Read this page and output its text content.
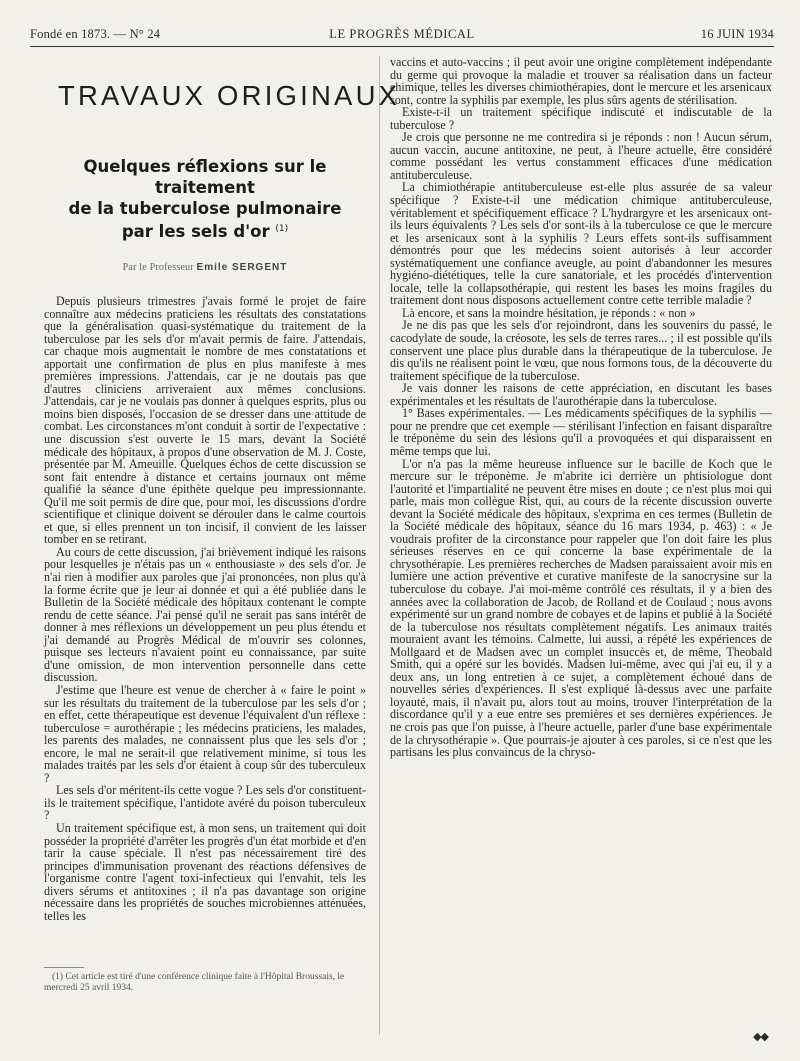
Fondé en 1873. — N° 24	LE PROGRÈS MÉDICAL	16 JUIN 1934
TRAVAUX ORIGINAUX
Quelques réflexions sur le traitement
de la tuberculose pulmonaire
par les sels d'or $^{(1)}$
Par le Professeur Emile SERGENT

Depuis plusieurs trimestres j'avais formé le projet de faire connaître aux médecins praticiens les résultats des constatations que la généralisation quasi-systématique du traitement de la tuberculose par les sels d'or m'avait permis de faire. J'attendais, car chaque mois augmentait le nombre de mes constatations et apportait une confirmation de plus en plus manifeste à mes premières impressions. J'attendais, car je ne doutais pas que d'autres cliniciens arriveraient aux mêmes conclusions. J'attendais, car je ne voulais pas donner à quelques esprits, plus ou moins bien disposés, l'occasion de se dresser dans une attitude de combat. Les circonstances m'ont conduit à sortir de l'expectative : une discussion s'est ouverte le 15 mars, devant la Société médicale des hôpitaux, à propos d'une observation de M. J. Coste, présentée par M. Ameuille. Quelques échos de cette discussion se sont fait entendre à distance et certains journaux ont même qualifié la séance d'une épithète quelque peu impressionnante. Qu'il me soit permis de dire que, pour moi, les discussions d'ordre scientifique et clinique doivent se dérouler dans le calme courtois et que, si elles prennent un ton incisif, il convient de les laisser tomber en se retirant.

Au cours de cette discussion, j'ai brièvement indiqué les raisons pour lesquelles je n'étais pas un « enthousiaste » des sels d'or. Je n'ai rien à modifier aux paroles que j'ai prononcées, non plus qu'à la forme écrite que je leur ai donnée et qui a été publiée dans le Bulletin de la Société médicale des hôpitaux contenant le compte rendu de cette séance. J'ai pensé qu'il ne serait pas sans intérêt de donner à mes réflexions un développement un peu plus étendu et j'ai demandé au Progrès Médical de m'ouvrir ses colonnes, puisque ses lecteurs n'avaient point eu connaissance, par suite d'une omission, de mon intervention personnelle dans cette discussion.

J'estime que l'heure est venue de chercher à « faire le point » sur les résultats du traitement de la tuberculose par les sels d'or ; en effet, cette thérapeutique est devenue l'équivalent d'un réflexe : tuberculose = aurothérapie ; les médecins praticiens, les malades, les parents des malades, ne connaissent plus que les sels d'or ; encore, le mal ne serait-il que relativement minime, si tous les malades traités par les sels d'or étaient à coup sûr des tuberculeux ?

Les sels d'or méritent-ils cette vogue ? Les sels d'or constituent-ils le traitement spécifique, l'antidote avéré du poison tuberculeux ?

Un traitement spécifique est, à mon sens, un traitement qui doit posséder la propriété d'arrêter les progrès d'un état morbide et d'en tarir la cause spéciale. Il n'est pas nécessairement tiré des principes d'immunisation provenant des réactions défensives de l'organisme contre l'agent toxi-infectieux qui l'envahit, tels les divers sérums et antitoxines ; il n'a pas davantage son origine nécessaire dans les propriétés de souches microbiennes atténuées, telles les

(1) Cet article est tiré d'une conférence clinique faite à l'Hôpital Broussais, le mercredi 25 avril 1934.

vaccins et auto-vaccins ; il peut avoir une origine complètement indépendante du germe qui provoque la maladie et trouver sa réalisation dans un facteur chimique, telles les diverses chimiothérapies, dont le mercure et les arsenicaux sont, contre la syphilis par exemple, les plus sûrs agents de stérilisation.

Existe-t-il un traitement spécifique indiscuté et indiscutable de la tuberculose ?

Je crois que personne ne me contredira si je réponds : non ! Aucun sérum, aucun vaccin, aucune antitoxine, ne peut, à l'heure actuelle, être considéré comme possédant les vertus constamment efficaces d'une médication antituberculeuse.

La chimiothérapie antituberculeuse est-elle plus assurée de sa valeur spécifique ? Existe-t-il une médication chimique antituberculeuse, véritablement et spécifiquement efficace ? L'hydrargyre et les arsenicaux ont-ils leurs équivalents ? Les sels d'or sont-ils à la tuberculose ce que le mercure et les arsenicaux sont à la syphilis ? Leurs effets sont-ils suffisamment démontrés pour que les médecins soient autorisés à leur accorder systématiquement une confiance aveugle, au point d'abandonner les mesures hygiéno-diététiques, telle la cure sanatoriale, et les procédés d'intervention locale, telle la collapsothérapie, qui restent les bases les moins fragiles du traitement dont nous disposons actuellement contre cette terrible maladie ?

Là encore, et sans la moindre hésitation, je réponds : « non »

Je ne dis pas que les sels d'or rejoindront, dans les souvenirs du passé, le cacodylate de soude, la créosote, les sels de terres rares... ; il est possible qu'ils conservent une place plus durable dans la thérapeutique de la tuberculose. Je dis qu'ils ne réalisent point le vœu, que nous formons tous, de la découverte du traitement spécifique de la tuberculose.

Je vais donner les raisons de cette appréciation, en discutant les bases expérimentales et les résultats de l'aurothérapie dans la tuberculose.

1° Bases expérimentales. — Les médicaments spécifiques de la syphilis — pour ne prendre que cet exemple — stérilisant l'infection en faisant disparaître le tréponème du sein des lésions qu'il a provoquées et qui disparaissent en même temps que lui.

L'or n'a pas la même heureuse influence sur le bacille de Koch que le mercure sur le tréponème. Je m'abrite ici derrière un phtisiologue dont l'autorité et l'impartialité ne peuvent être mises en doute ; ce n'est plus moi qui parle, mais mon collègue Rist, qui, au cours de la récente discussion ouverte devant la Société médicale des hôpitaux, s'exprima en ces termes (Bulletin de la Société médicale des hôpitaux, séance du 16 mars 1934, p. 463) : « Je voudrais profiter de la circonstance pour rappeler que l'on doit faire les plus sérieuses réserves en ce qui concerne la base expérimentale de la chrysothérapie. Les premières recherches de Madsen paraissaient avoir mis en lumière une action préventive et curative manifeste de la sanocrysine sur la tuberculose du cobaye. J'ai moi-même contrôlé ces résultats, il y a bien des années avec la collaboration de Jacob, de Rolland et de Coulaud ; nous avons expérimenté sur un grand nombre de cobayes et de lapins et publié à la Société de la tuberculose nos résultats complètement négatifs. Les animaux traités mouraient avant les témoins. Calmette, lui aussi, a répété les expériences de Mollgaard et de Madsen avec un complet insuccès et, de même, Theobald Smith, qui a opéré sur les bovidés. Madsen lui-même, avec qui j'ai eu, il y a deux ans, un long entretien à ce sujet, a complètement échoué dans de nouvelles séries d'expériences. Il s'est expliqué là-dessus avec une parfaite loyauté, mais, il n'avait pu, alors tout au moins, trouver l'interprétation de la discordance qu'il y a eue entre ses premières et ses dernières expériences. Je ne crois pas que l'on puisse, à l'heure actuelle, parler d'une base expérimentale de la chrysothérapie ». Que pourrais-je ajouter à ces paroles, si ce n'est que les partisans les plus convaincus de la chryso-

◆◆
